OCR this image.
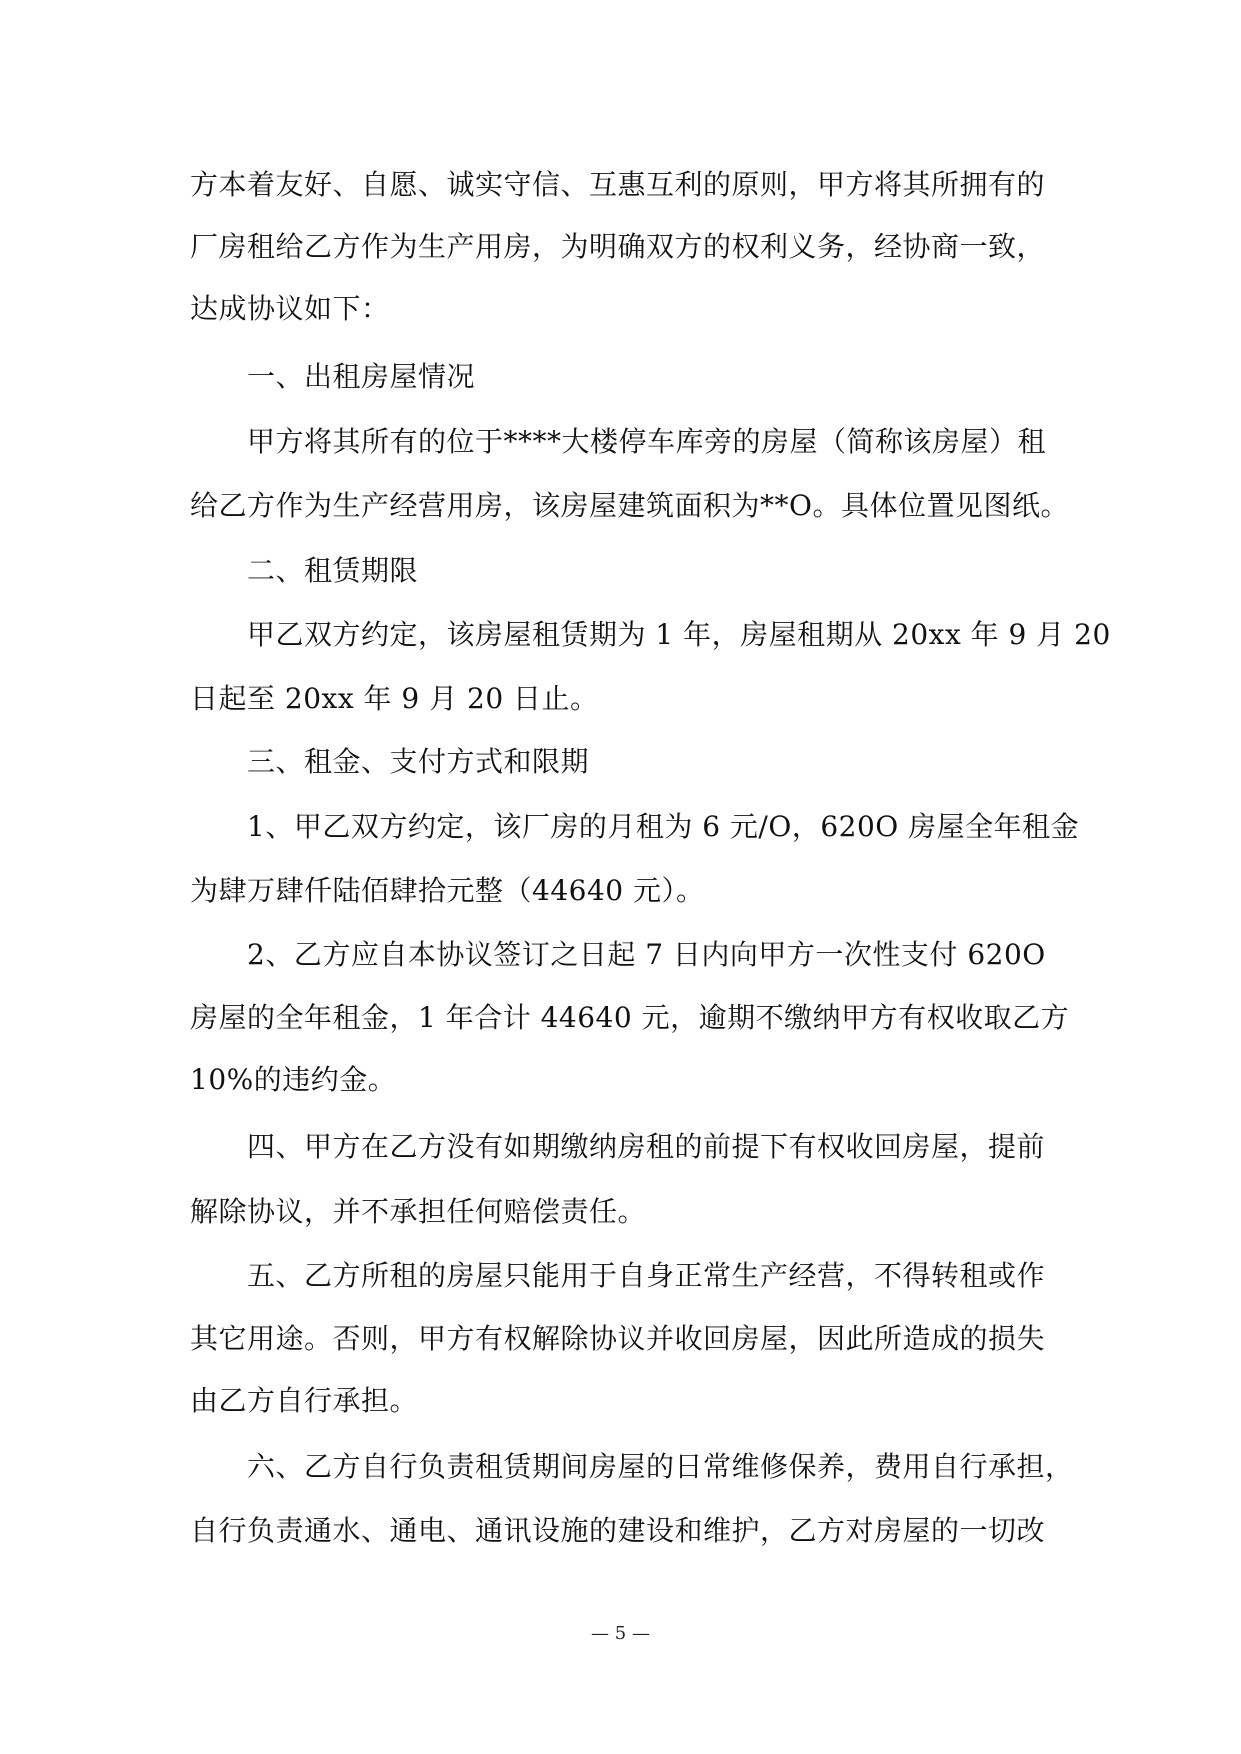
方本着友好、自愿、诚实守信、互惠互利的原则，甲方将其所拥有的
厂房租给乙方作为生产用房，为明确双方的权利义务，经协商一致，
达成协议如下：
一、出租房屋情况
甲方将其所有的位于****大楼停车库旁的房屋（简称该房屋）租
给乙方作为生产经营用房，该房屋建筑面积为**O。具体位置见图纸。
二、租赁期限
甲乙双方约定，该房屋租赁期为 1 年，房屋租期从 20xx 年 9 月 20
日起至 20xx 年 9 月 20 日止。
三、租金、支付方式和限期
1、甲乙双方约定，该厂房的月租为 6 元/O，620O 房屋全年租金
为肆万肆仟陆佰肆拾元整（44640 元）。
2、乙方应自本协议签订之日起 7 日内向甲方一次性支付 620O
房屋的全年租金，1 年合计 44640 元，逾期不缴纳甲方有权收取乙方
10%的违约金。
四、甲方在乙方没有如期缴纳房租的前提下有权收回房屋，提前
解除协议，并不承担任何赔偿责任。
五、乙方所租的房屋只能用于自身正常生产经营，不得转租或作
其它用途。否则，甲方有权解除协议并收回房屋，因此所造成的损失
由乙方自行承担。
六、乙方自行负责租赁期间房屋的日常维修保养，费用自行承担，
自行负责通水、通电、通讯设施的建设和维护，乙方对房屋的一切改
— 5 —
